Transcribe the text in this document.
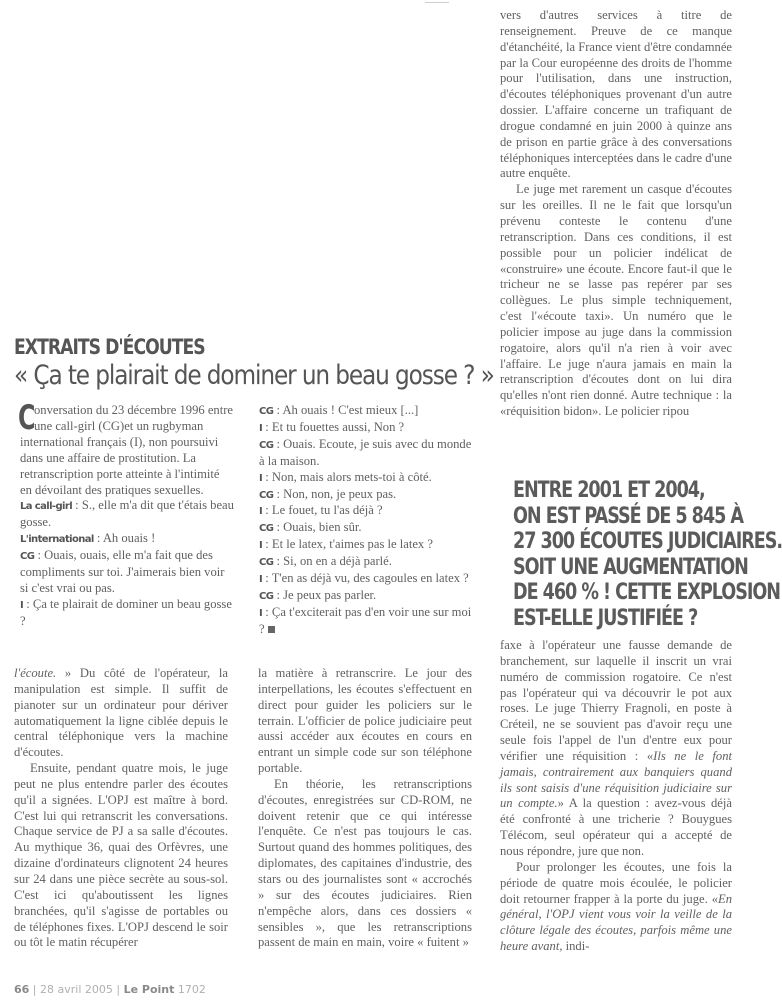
vers d'autres services à titre de renseignement. Preuve de ce manque d'étanchéité, la France vient d'être condamnée par la Cour européenne des droits de l'homme pour l'utilisation, dans une instruction, d'écoutes téléphoniques provenant d'un autre dossier. L'affaire concerne un trafiquant de drogue condamné en juin 2000 à quinze ans de prison en partie grâce à des conversations téléphoniques interceptées dans le cadre d'une autre enquête.

Le juge met rarement un casque d'écoutes sur les oreilles. Il ne le fait que lorsqu'un prévenu conteste le contenu d'une retranscription. Dans ces conditions, il est possible pour un policier indélicat de «construire» une écoute. Encore faut-il que le tricheur ne se lasse pas repérer par ses collègues. Le plus simple techniquement, c'est l'«écoute taxi». Un numéro que le policier impose au juge dans la commission rogatoire, alors qu'il n'a rien à voir avec l'affaire. Le juge n'aura jamais en main la retranscription d'écoutes dont on lui dira qu'elles n'ont rien donné. Autre technique : la «réquisition bidon». Le policier ripou

ENTRE 2001 ET 2004,
ON EST PASSÉ DE 5 845 À
27 300 ÉCOUTES JUDICIAIRES.
SOIT UNE AUGMENTATION
DE 460 % ! CETTE EXPLOSION
EST-ELLE JUSTIFIÉE ?

faxe à l'opérateur une fausse demande de branchement, sur laquelle il inscrit un vrai numéro de commission rogatoire. Ce n'est pas l'opérateur qui va découvrir le pot aux roses. Le juge Thierry Fragnoli, en poste à Créteil, ne se souvient pas d'avoir reçu une seule fois l'appel de l'un d'entre eux pour vérifier une réquisition : «Ils ne le font jamais, contrairement aux banquiers quand ils sont saisis d'une réquisition judiciaire sur un compte.» A la question : avez-vous déjà été confronté à une tricherie ? Bouygues Télécom, seul opérateur qui a accepté de nous répondre, jure que non.

Pour prolonger les écoutes, une fois la période de quatre mois écoulée, le policier doit retourner frapper à la porte du juge. «En général, l'OPJ vient vous voir la veille de la clôture légale des écoutes, parfois même une heure avant, indi-

EXTRAITS D'ÉCOUTES
« Ça te plairait de dominer un beau gosse ? »

C
onversation du 23 décembre 1996 entre une call-girl (CG)et un rugbyman international français (I), non poursuivi dans une affaire de prostitution. La retranscription porte atteinte à l'intimité en dévoilant des pratiques sexuelles.

La call-girl : S., elle m'a dit que t'étais beau gosse.

L'international : Ah ouais !

CG : Ouais, ouais, elle m'a fait que des compliments sur toi. J'aimerais bien voir si c'est vrai ou pas.

I : Ça te plairait de dominer un beau gosse ?

CG : Ah ouais ! C'est mieux [...]

I : Et tu fouettes aussi, Non ?

CG : Ouais. Ecoute, je suis avec du monde à la maison.

I : Non, mais alors mets-toi à côté.

CG : Non, non, je peux pas.

I : Le fouet, tu l'as déjà ?

CG : Ouais, bien sûr.

I : Et le latex, t'aimes pas le latex ?

CG : Si, on en a déjà parlé.

I : T'en as déjà vu, des cagoules en latex ?

CG : Je peux pas parler.

I : Ça t'exciterait pas d'en voir une sur moi ?

l'écoute. » Du côté de l'opérateur, la manipulation est simple. Il suffit de pianoter sur un ordinateur pour dériver automatiquement la ligne ciblée depuis le central téléphonique vers la machine d'écoutes.

Ensuite, pendant quatre mois, le juge peut ne plus entendre parler des écoutes qu'il a signées. L'OPJ est maître à bord. C'est lui qui retranscrit les conversations. Chaque service de PJ a sa salle d'écoutes. Au mythique 36, quai des Orfèvres, une dizaine d'ordinateurs clignotent 24 heures sur 24 dans une pièce secrète au sous-sol. C'est ici qu'aboutissent les lignes branchées, qu'il s'agisse de portables ou de téléphones fixes. L'OPJ descend le soir ou tôt le matin récupérer

la matière à retranscrire. Le jour des interpellations, les écoutes s'effectuent en direct pour guider les policiers sur le terrain. L'officier de police judiciaire peut aussi accéder aux écoutes en cours en entrant un simple code sur son téléphone portable.

En théorie, les retranscriptions d'écoutes, enregistrées sur CD-ROM, ne doivent retenir que ce qui intéresse l'enquête. Ce n'est pas toujours le cas. Surtout quand des hommes politiques, des diplomates, des capitaines d'industrie, des stars ou des journalistes sont « accrochés » sur des écoutes judiciaires. Rien n'empêche alors, dans ces dossiers « sensibles », que les retranscriptions passent de main en main, voire « fuitent »

66 | 28 avril 2005 | Le Point 1702
